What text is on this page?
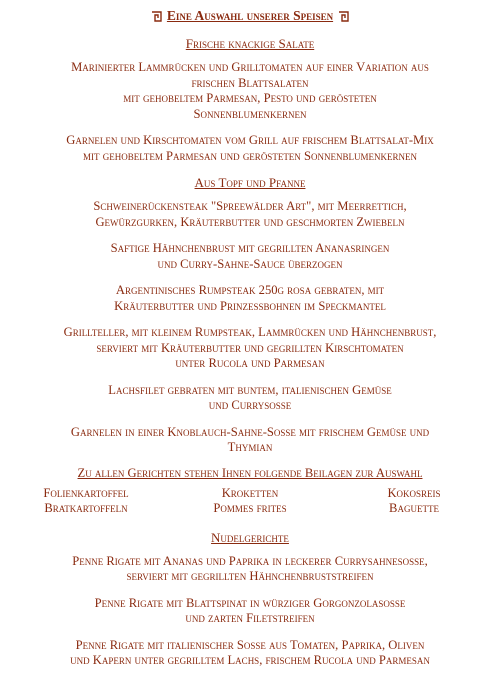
Eine Auswahl unserer Speisen
Frische knackige Salate
Marinierter Lammrücken und Grilltomaten auf einer Variation aus
frischen Blattsalaten
mit gehobeltem Parmesan, Pesto und gerösteten
Sonnenblumenkernen
Garnelen und Kirschtomaten vom Grill auf frischem Blattsalat-Mix
mit gehobeltem Parmesan und gerösteten Sonnenblumenkernen
Aus Topf und Pfanne
Schweinerückensteak "Spreewälder Art", mit Meerrettich,
Gewürzgurken, Kräuterbutter und geschmorten Zwiebeln
Saftige Hähnchenbrust mit gegrillten Ananasringen
und Curry-Sahne-Sauce überzogen
Argentinisches Rumpsteak 250g rosa gebraten, mit
Kräuterbutter und Prinzessbohnen im Speckmantel
Grillteller, mit kleinem Rumpsteak, Lammrücken und Hähnchenbrust,
serviert mit Kräuterbutter und gegrillten Kirschtomaten
unter Rucola und Parmesan
Lachsfilet gebraten mit buntem, italienischen Gemüse
und Currysosse
Garnelen in einer Knoblauch-Sahne-Sosse mit frischem Gemüse und
Thymian
Zu allen Gerichten stehen Ihnen folgende Beilagen zur Auswahl
Folienkartoffel	Kroketten	Kokosreis
Bratkartoffeln	Pommes frites	Baguette
Nudelgerichte
Penne Rigate mit Ananas und Paprika in leckerer Currysahnesosse,
serviert mit gegrillten Hähnchenbruststreifen
Penne Rigate mit Blattspinat in würziger Gorgonzolasosse
und zarten Filetstreifen
Penne Rigate mit italienischer Sosse aus Tomaten, Paprika, Oliven
und Kapern unter gegrilltem Lachs, frischem Rucola und Parmesan
